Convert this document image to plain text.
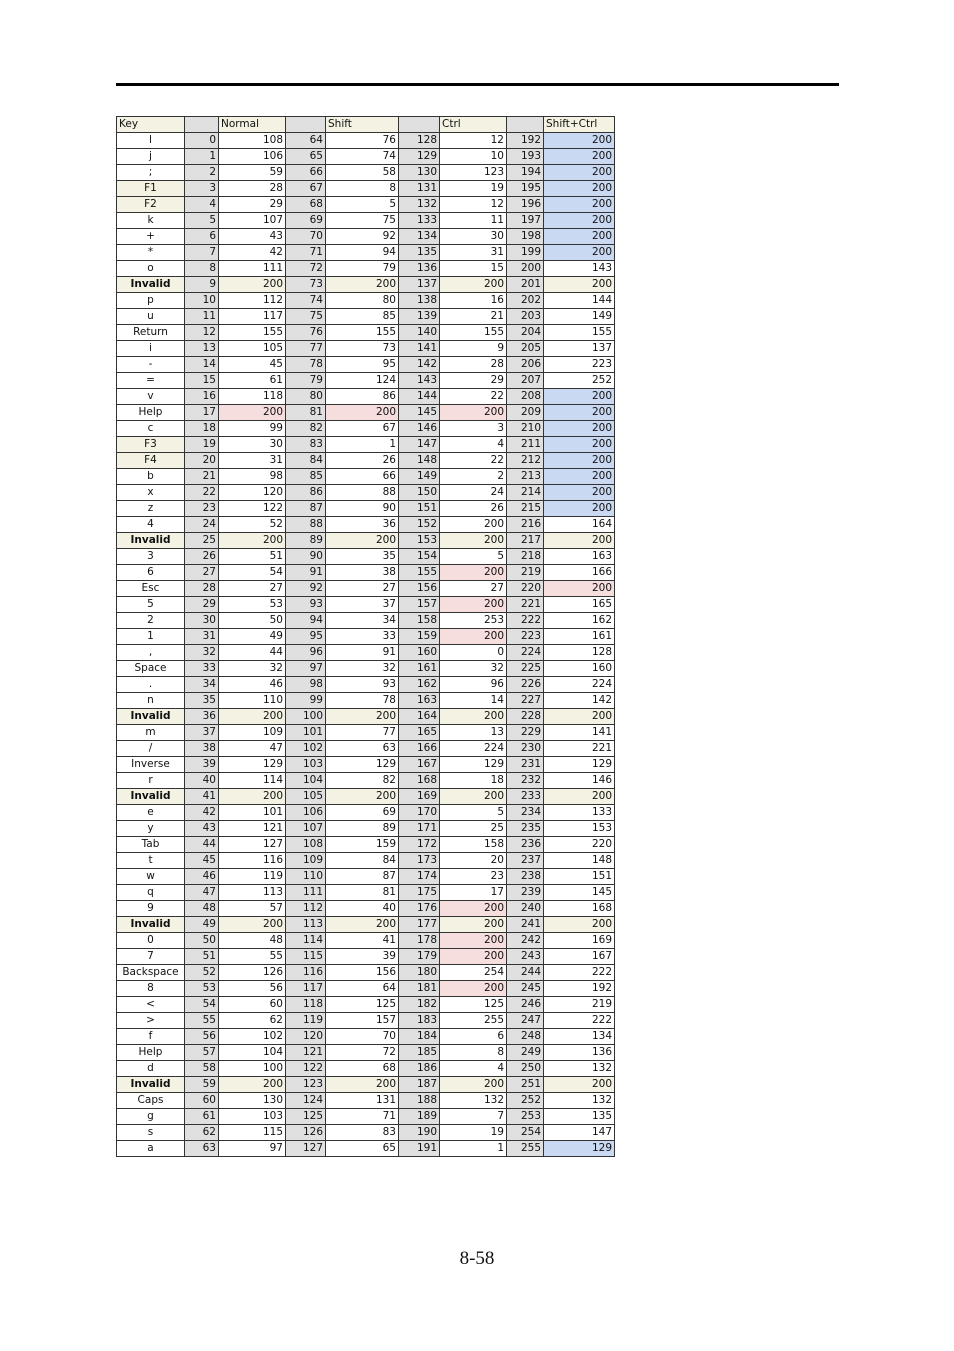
Key		Normal		Shift		Ctrl		Shift+Ctrl
l	0	108	64	76	128	12	192	200
j	1	106	65	74	129	10	193	200
;	2	59	66	58	130	123	194	200
F1	3	28	67	8	131	19	195	200
F2	4	29	68	5	132	12	196	200
k	5	107	69	75	133	11	197	200
+	6	43	70	92	134	30	198	200
*	7	42	71	94	135	31	199	200
o	8	111	72	79	136	15	200	143
Invalid	9	200	73	200	137	200	201	200
p	10	112	74	80	138	16	202	144
u	11	117	75	85	139	21	203	149
Return	12	155	76	155	140	155	204	155
i	13	105	77	73	141	9	205	137
-	14	45	78	95	142	28	206	223
=	15	61	79	124	143	29	207	252
v	16	118	80	86	144	22	208	200
Help	17	200	81	200	145	200	209	200
c	18	99	82	67	146	3	210	200
F3	19	30	83	1	147	4	211	200
F4	20	31	84	26	148	22	212	200
b	21	98	85	66	149	2	213	200
x	22	120	86	88	150	24	214	200
z	23	122	87	90	151	26	215	200
4	24	52	88	36	152	200	216	164
Invalid	25	200	89	200	153	200	217	200
3	26	51	90	35	154	5	218	163
6	27	54	91	38	155	200	219	166
Esc	28	27	92	27	156	27	220	200
5	29	53	93	37	157	200	221	165
2	30	50	94	34	158	253	222	162
1	31	49	95	33	159	200	223	161
,	32	44	96	91	160	0	224	128
Space	33	32	97	32	161	32	225	160
.	34	46	98	93	162	96	226	224
n	35	110	99	78	163	14	227	142
Invalid	36	200	100	200	164	200	228	200
m	37	109	101	77	165	13	229	141
/	38	47	102	63	166	224	230	221
Inverse	39	129	103	129	167	129	231	129
r	40	114	104	82	168	18	232	146
Invalid	41	200	105	200	169	200	233	200
e	42	101	106	69	170	5	234	133
y	43	121	107	89	171	25	235	153
Tab	44	127	108	159	172	158	236	220
t	45	116	109	84	173	20	237	148
w	46	119	110	87	174	23	238	151
q	47	113	111	81	175	17	239	145
9	48	57	112	40	176	200	240	168
Invalid	49	200	113	200	177	200	241	200
0	50	48	114	41	178	200	242	169
7	51	55	115	39	179	200	243	167
Backspace	52	126	116	156	180	254	244	222
8	53	56	117	64	181	200	245	192
<	54	60	118	125	182	125	246	219
>	55	62	119	157	183	255	247	222
f	56	102	120	70	184	6	248	134
Help	57	104	121	72	185	8	249	136
d	58	100	122	68	186	4	250	132
Invalid	59	200	123	200	187	200	251	200
Caps	60	130	124	131	188	132	252	132
g	61	103	125	71	189	7	253	135
s	62	115	126	83	190	19	254	147
a	63	97	127	65	191	1	255	129
8-58
